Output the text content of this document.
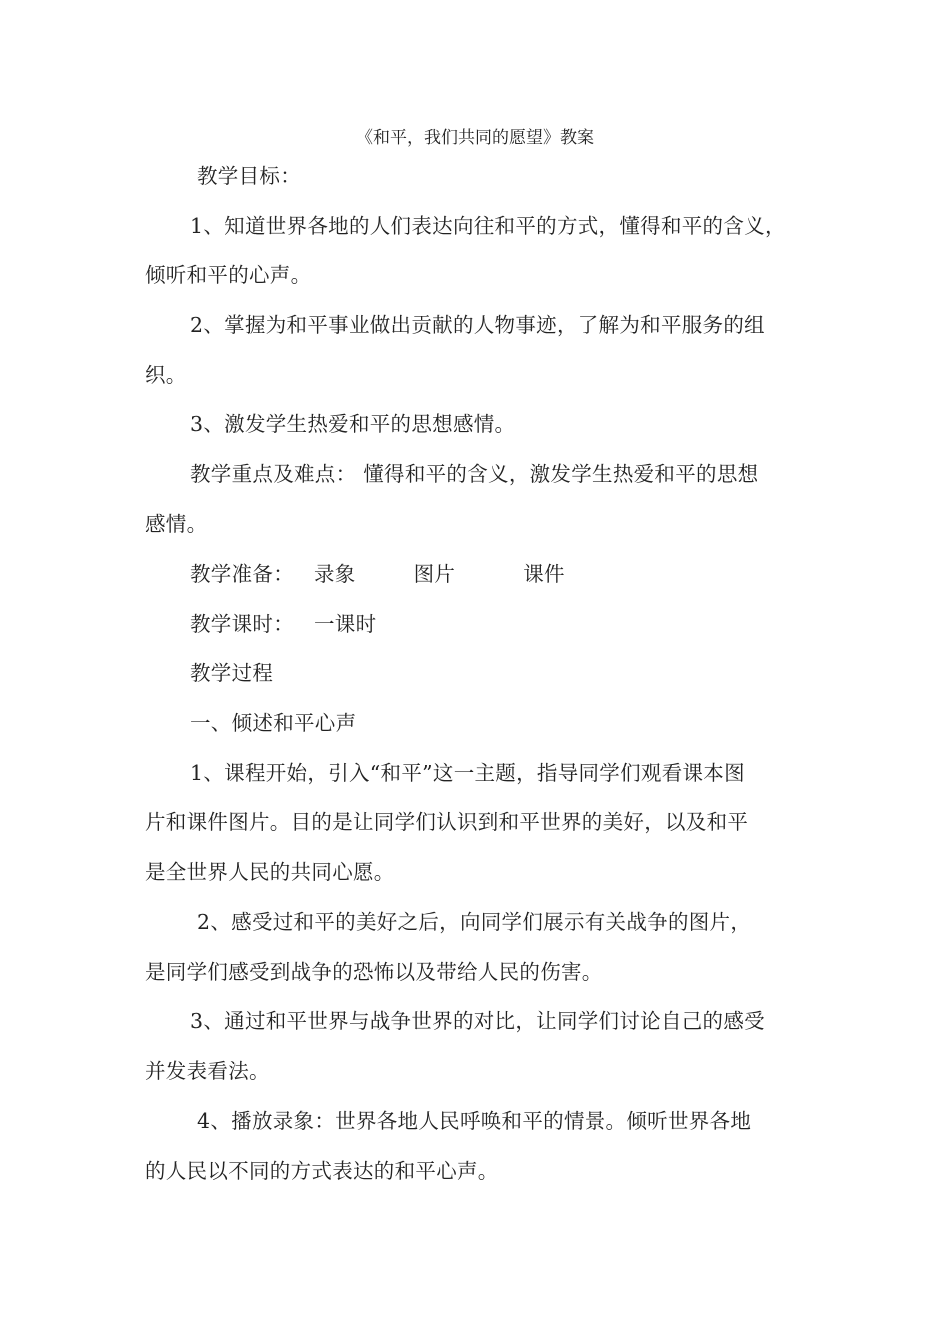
《和平，我们共同的愿望》教案
教学目标：
1、知道世界各地的人们表达向往和平的方式，懂得和平的含义，
倾听和平的心声。
2、掌握为和平事业做出贡献的人物事迹，了解为和平服务的组
织。
3、激发学生热爱和平的思想感情。
教学重点及难点： 懂得和平的含义，激发学生热爱和平的思想
感情。
教学准备： 录象	图片	课件
教学课时： 一课时
教学过程
一、倾述和平心声
1、课程开始，引入“和平”这一主题，指导同学们观看课本图
片和课件图片。目的是让同学们认识到和平世界的美好，以及和平
是全世界人民的共同心愿。
2、感受过和平的美好之后，向同学们展示有关战争的图片，
是同学们感受到战争的恐怖以及带给人民的伤害。
3、通过和平世界与战争世界的对比，让同学们讨论自己的感受
并发表看法。
4、播放录象：世界各地人民呼唤和平的情景。倾听世界各地
的人民以不同的方式表达的和平心声。
